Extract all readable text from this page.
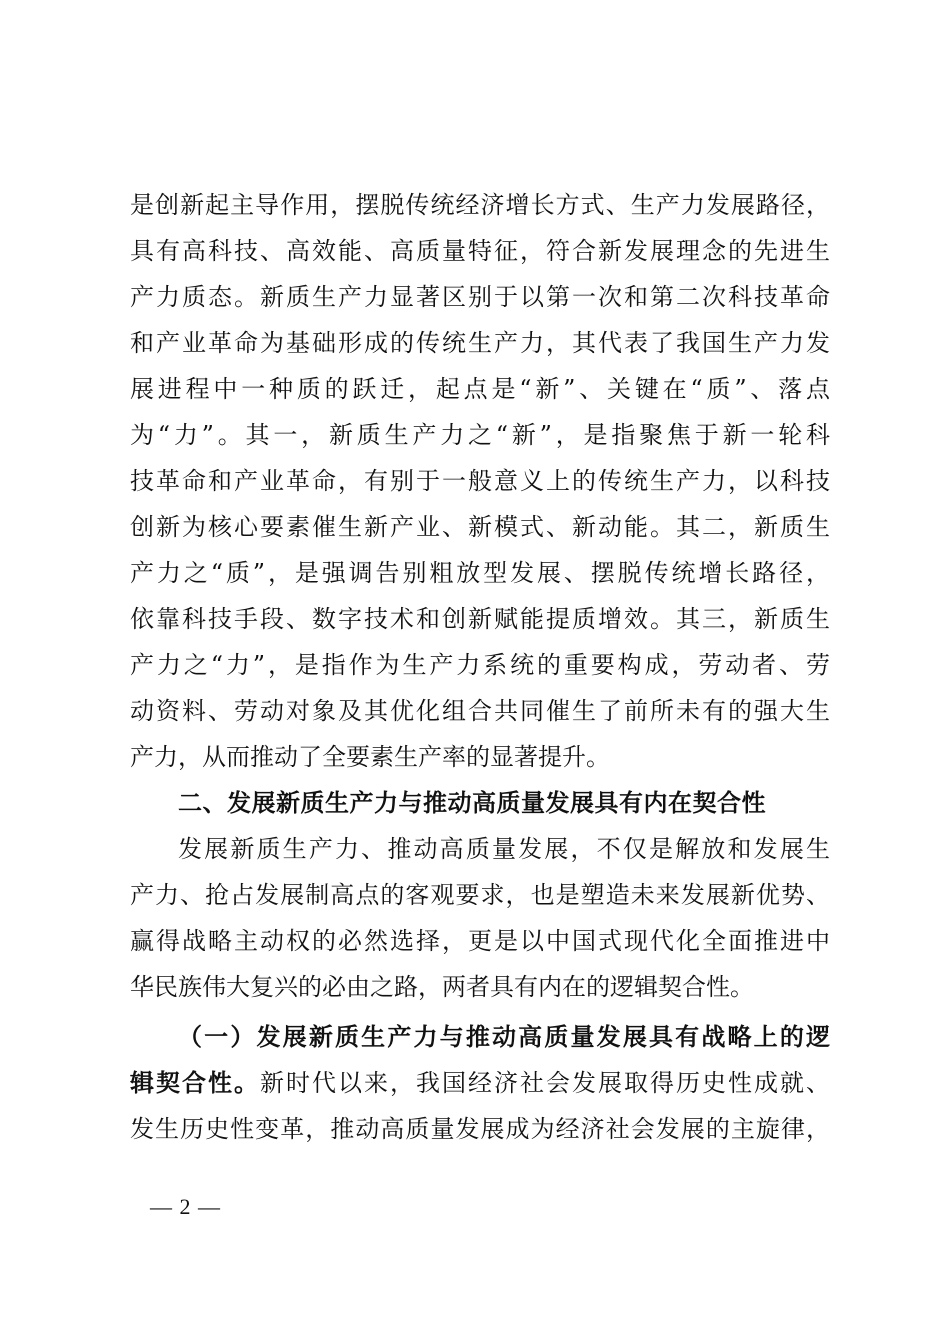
是创新起主导作用，摆脱传统经济增长方式、生产力发展路径，
具有高科技、高效能、高质量特征，符合新发展理念的先进生
产力质态。新质生产力显著区别于以第一次和第二次科技革命
和产业革命为基础形成的传统生产力，其代表了我国生产力发
展进程中一种质的跃迁，起点是“新”、关键在“质”、落点
为“力”。其一，新质生产力之“新”，是指聚焦于新一轮科
技革命和产业革命，有别于一般意义上的传统生产力，以科技
创新为核心要素催生新产业、新模式、新动能。其二，新质生
产力之“质”，是强调告别粗放型发展、摆脱传统增长路径，
依靠科技手段、数字技术和创新赋能提质增效。其三，新质生
产力之“力”，是指作为生产力系统的重要构成，劳动者、劳
动资料、劳动对象及其优化组合共同催生了前所未有的强大生
产力，从而推动了全要素生产率的显著提升。
二、发展新质生产力与推动高质量发展具有内在契合性
发展新质生产力、推动高质量发展，不仅是解放和发展生
产力、抢占发展制高点的客观要求，也是塑造未来发展新优势、
赢得战略主动权的必然选择，更是以中国式现代化全面推进中
华民族伟大复兴的必由之路，两者具有内在的逻辑契合性。
（一）发展新质生产力与推动高质量发展具有战略上的逻
辑契合性。新时代以来，我国经济社会发展取得历史性成就、
发生历史性变革，推动高质量发展成为经济社会发展的主旋律，
— 2 —
